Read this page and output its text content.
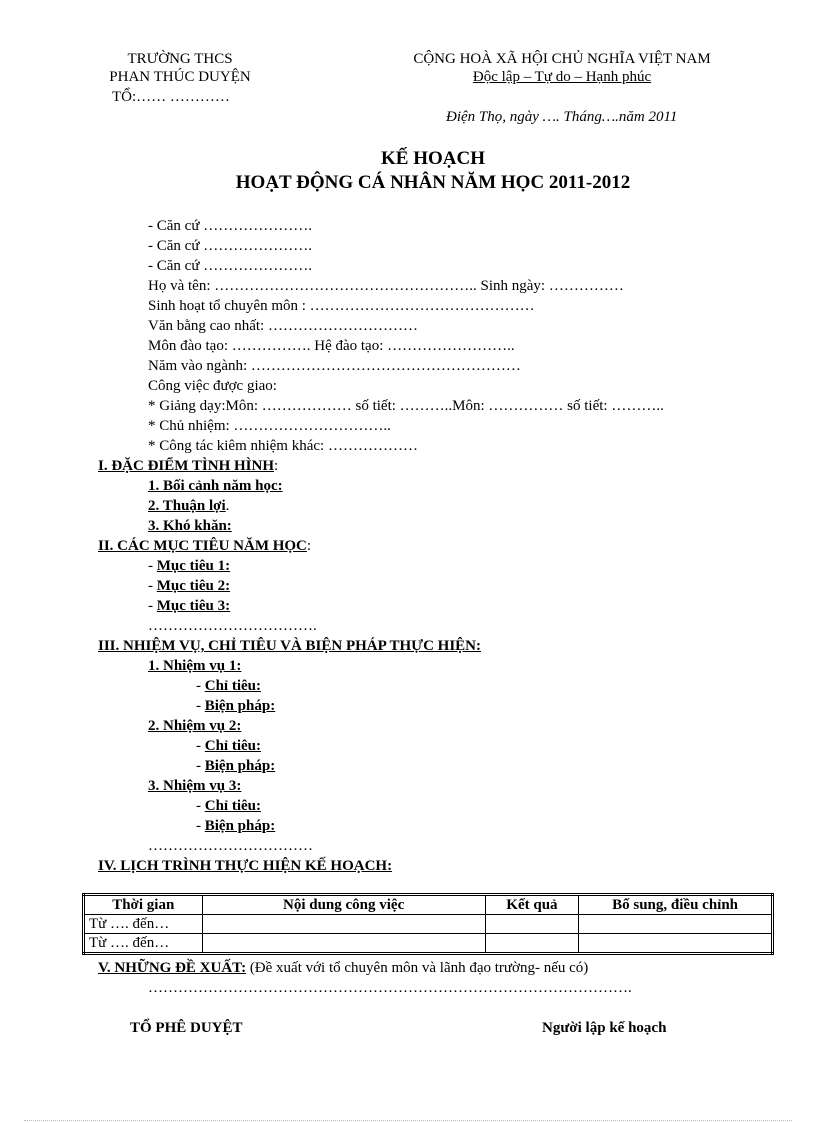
TRƯỜNG THCS
PHAN THÚC DUYỆN
TỔ:…… …………
CỘNG HOÀ XÃ HỘI CHỦ NGHĨA VIỆT NAM
Độc lập – Tự do – Hạnh phúc
Điện Thọ, ngày …. Tháng….năm 2011
KẾ HOẠCH
HOẠT ĐỘNG CÁ NHÂN NĂM HỌC 2011-2012
- Căn cứ ………………….
- Căn cứ ………………….
- Căn cứ ………………….
Họ và tên: …………………………………………….. Sinh ngày: ……………
Sinh hoạt tổ chuyên môn : ………………………………………
Văn bằng cao nhất: …………………………
Môn đào tạo: ……………. Hệ đào tạo: ……………………..
Năm vào ngành: ………………………………………………
Công việc được giao:
* Giảng dạy:Môn: ……………… số tiết: ………..Môn: …………… số tiết: ………..
* Chủ nhiệm: …………………………..
* Công tác kiêm nhiệm khác: ………………
I. ĐẶC ĐIỂM TÌNH HÌNH:
1. Bối cảnh năm học:
2. Thuận lợi.
3. Khó khăn:
II. CÁC MỤC TIÊU NĂM HỌC:
- Mục tiêu 1:
- Mục tiêu 2:
- Mục tiêu 3:
…………………………….
III. NHIỆM VỤ, CHỈ TIÊU VÀ BIỆN PHÁP THỰC HIỆN:
1. Nhiệm vụ 1:
- Chỉ tiêu:
- Biện pháp:
2. Nhiệm vụ 2:
- Chỉ tiêu:
- Biện pháp:
3. Nhiệm vụ 3:
- Chỉ tiêu:
- Biện pháp:
……………………………
IV. LỊCH TRÌNH THỰC HIỆN KẾ HOẠCH:
Thời gian	Nội dung công việc	Kết quả	Bổ sung, điều chỉnh
Từ …. đến…			
Từ …. đến…			
V. NHỮNG ĐỀ XUẤT: (Đề xuất với tổ chuyên môn và lãnh đạo trường- nếu có)
…………………………………………………………………………………….
TỔ PHÊ DUYỆT	Người lập kế hoạch
